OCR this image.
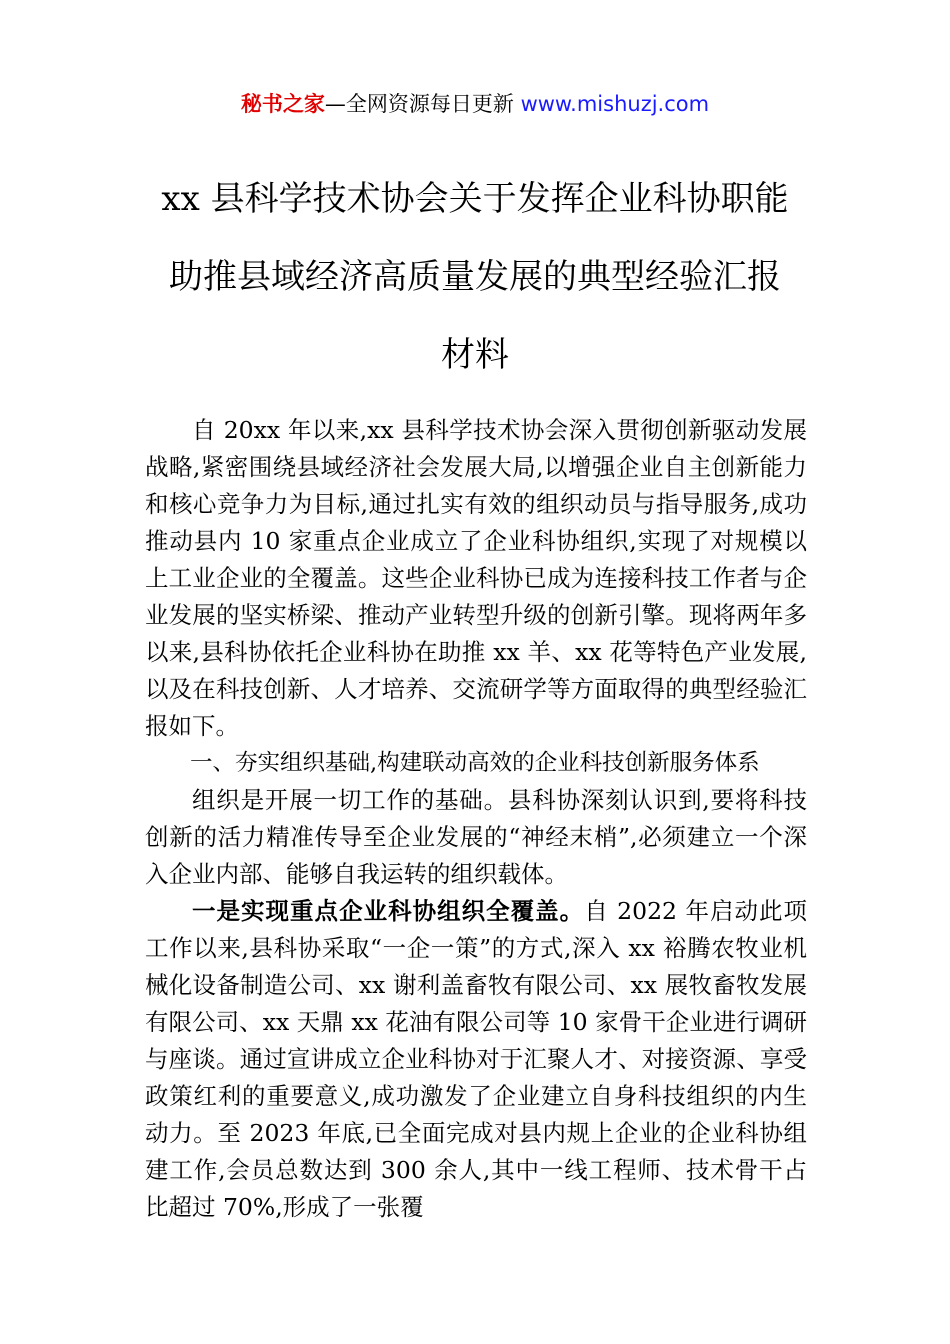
秘书之家—全网资源每日更新 www.mishuzj.com
xx 县科学技术协会关于发挥企业科协职能
助推县域经济高质量发展的典型经验汇报
材料

自 20xx 年以来,xx 县科学技术协会深入贯彻创新驱动发展战略,紧密围绕县域经济社会发展大局,以增强企业自主创新能力和核心竞争力为目标,通过扎实有效的组织动员与指导服务,成功推动县内 10 家重点企业成立了企业科协组织,实现了对规模以上工业企业的全覆盖。这些企业科协已成为连接科技工作者与企业发展的坚实桥梁、推动产业转型升级的创新引擎。现将两年多以来,县科协依托企业科协在助推 xx 羊、xx 花等特色产业发展,以及在科技创新、人才培养、交流研学等方面取得的典型经验汇报如下。

一、夯实组织基础,构建联动高效的企业科技创新服务体系

组织是开展一切工作的基础。县科协深刻认识到,要将科技创新的活力精准传导至企业发展的“神经末梢”,必须建立一个深入企业内部、能够自我运转的组织载体。

一是实现重点企业科协组织全覆盖。自 2022 年启动此项工作以来,县科协采取“一企一策”的方式,深入 xx 裕腾农牧业机械化设备制造公司、xx 谢利盖畜牧有限公司、xx 展牧畜牧发展有限公司、xx 天鼎 xx 花油有限公司等 10 家骨干企业进行调研与座谈。通过宣讲成立企业科协对于汇聚人才、对接资源、享受政策红利的重要意义,成功激发了企业建立自身科技组织的内生动力。至 2023 年底,已全面完成对县内规上企业的企业科协组建工作,会员总数达到 300 余人,其中一线工程师、技术骨干占比超过 70%,形成了一张覆
